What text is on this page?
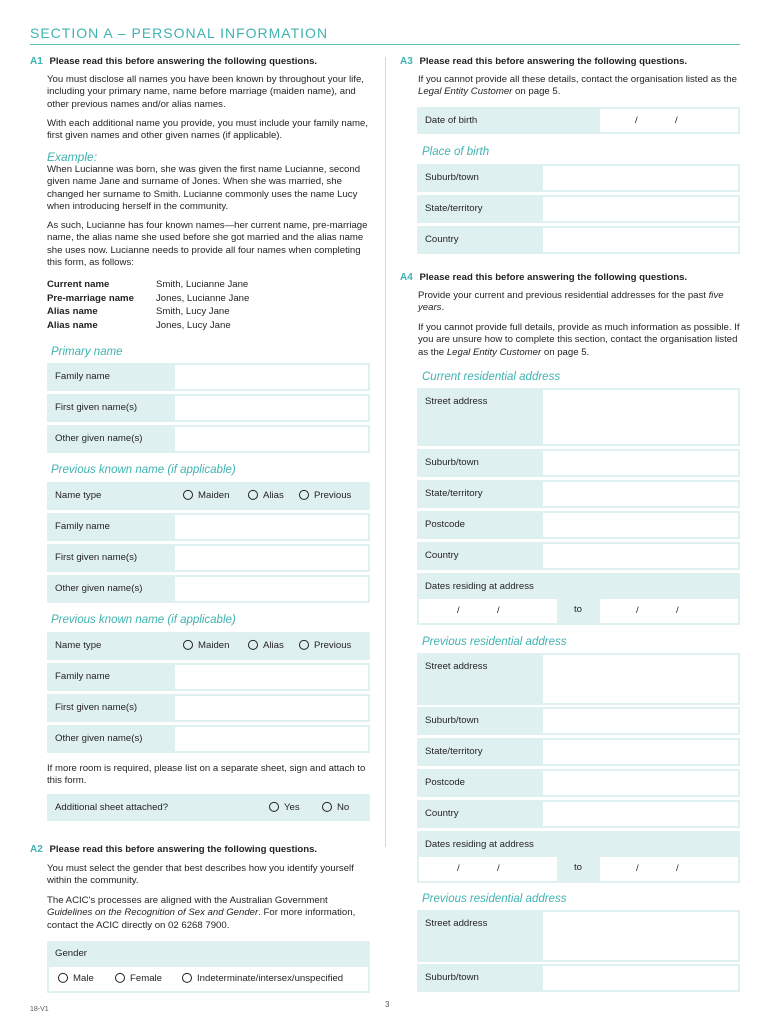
SECTION A – PERSONAL INFORMATION
A1 Please read this before answering the following questions.

You must disclose all names you have been known by throughout your life, including your primary name, name before marriage (maiden name), and other previous names and/or alias names.

With each additional name you provide, you must include your family name, first given names and other given names (if applicable).

Example:

When Lucianne was born, she was given the first name Lucianne, second given name Jane and surname of Jones. When she was married, she changed her surname to Smith. Lucianne commonly uses the name Lucy when introducing herself in the community.

As such, Lucianne has four known names—her current name, pre-marriage name, the alias name she used before she got married and the alias name she uses now. Lucianne needs to provide all four names when completing this form, as follows:

Current name	Smith, Lucianne Jane
Pre-marriage name Jones, Lucianne Jane
Alias name	Smith, Lucy Jane
Alias name	Jones, Lucy Jane
Primary name
Family name
First given name(s)
Other given name(s)
Previous known name (if applicable)
Name type	Maiden	Alias	Previous
Family name
First given name(s)
Other given name(s)
Previous known name (if applicable)
Name type	Maiden	Alias	Previous
Family name
First given name(s)
Other given name(s)

If more room is required, please list on a separate sheet, sign and attach to this form.

Additional sheet attached?	Yes	No
A2 Please read this before answering the following questions.

You must select the gender that best describes how you identify yourself within the community.

The ACIC's processes are aligned with the Australian Government Guidelines on the Recognition of Sex and Gender. For more information, contact the ACIC directly on 02 6268 7900.

Gender
Male	Female	Indeterminate/intersex/unspecified
A3 Please read this before answering the following questions.

If you cannot provide all these details, contact the organisation listed as the Legal Entity Customer on page 5.

Date of birth	/	/
Place of birth
Suburb/town
State/territory
Country
A4 Please read this before answering the following questions.

Provide your current and previous residential addresses for the past five years.

If you cannot provide full details, provide as much information as possible. If you are unsure how to complete this section, contact the organisation listed as the Legal Entity Customer on page 5.

Current residential address
Street address
Suburb/town
State/territory
Postcode
Country
Dates residing at address
/	/	to	/	/
Previous residential address
Street address
Suburb/town
State/territory
Postcode
Country
Dates residing at address
/	/	to	/	/
Previous residential address
Street address
Suburb/town
3
18-V1
